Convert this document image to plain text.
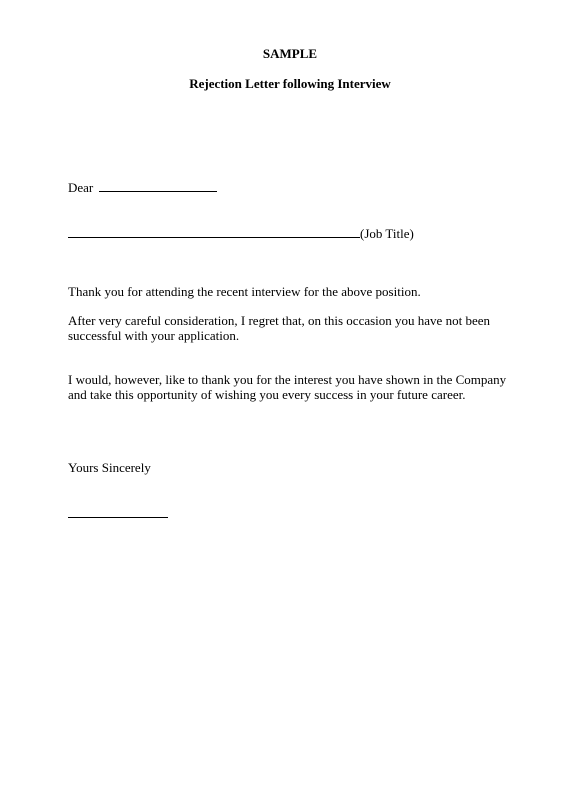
SAMPLE

Rejection Letter following Interview

Dear

(Job Title)

Thank you for attending the recent interview for the above position.

After very careful consideration, I regret that, on this occasion you have not been successful with your application.

I would, however, like to thank you for the interest you have shown in the Company and take this opportunity of wishing you every success in your future career.

Yours Sincerely
